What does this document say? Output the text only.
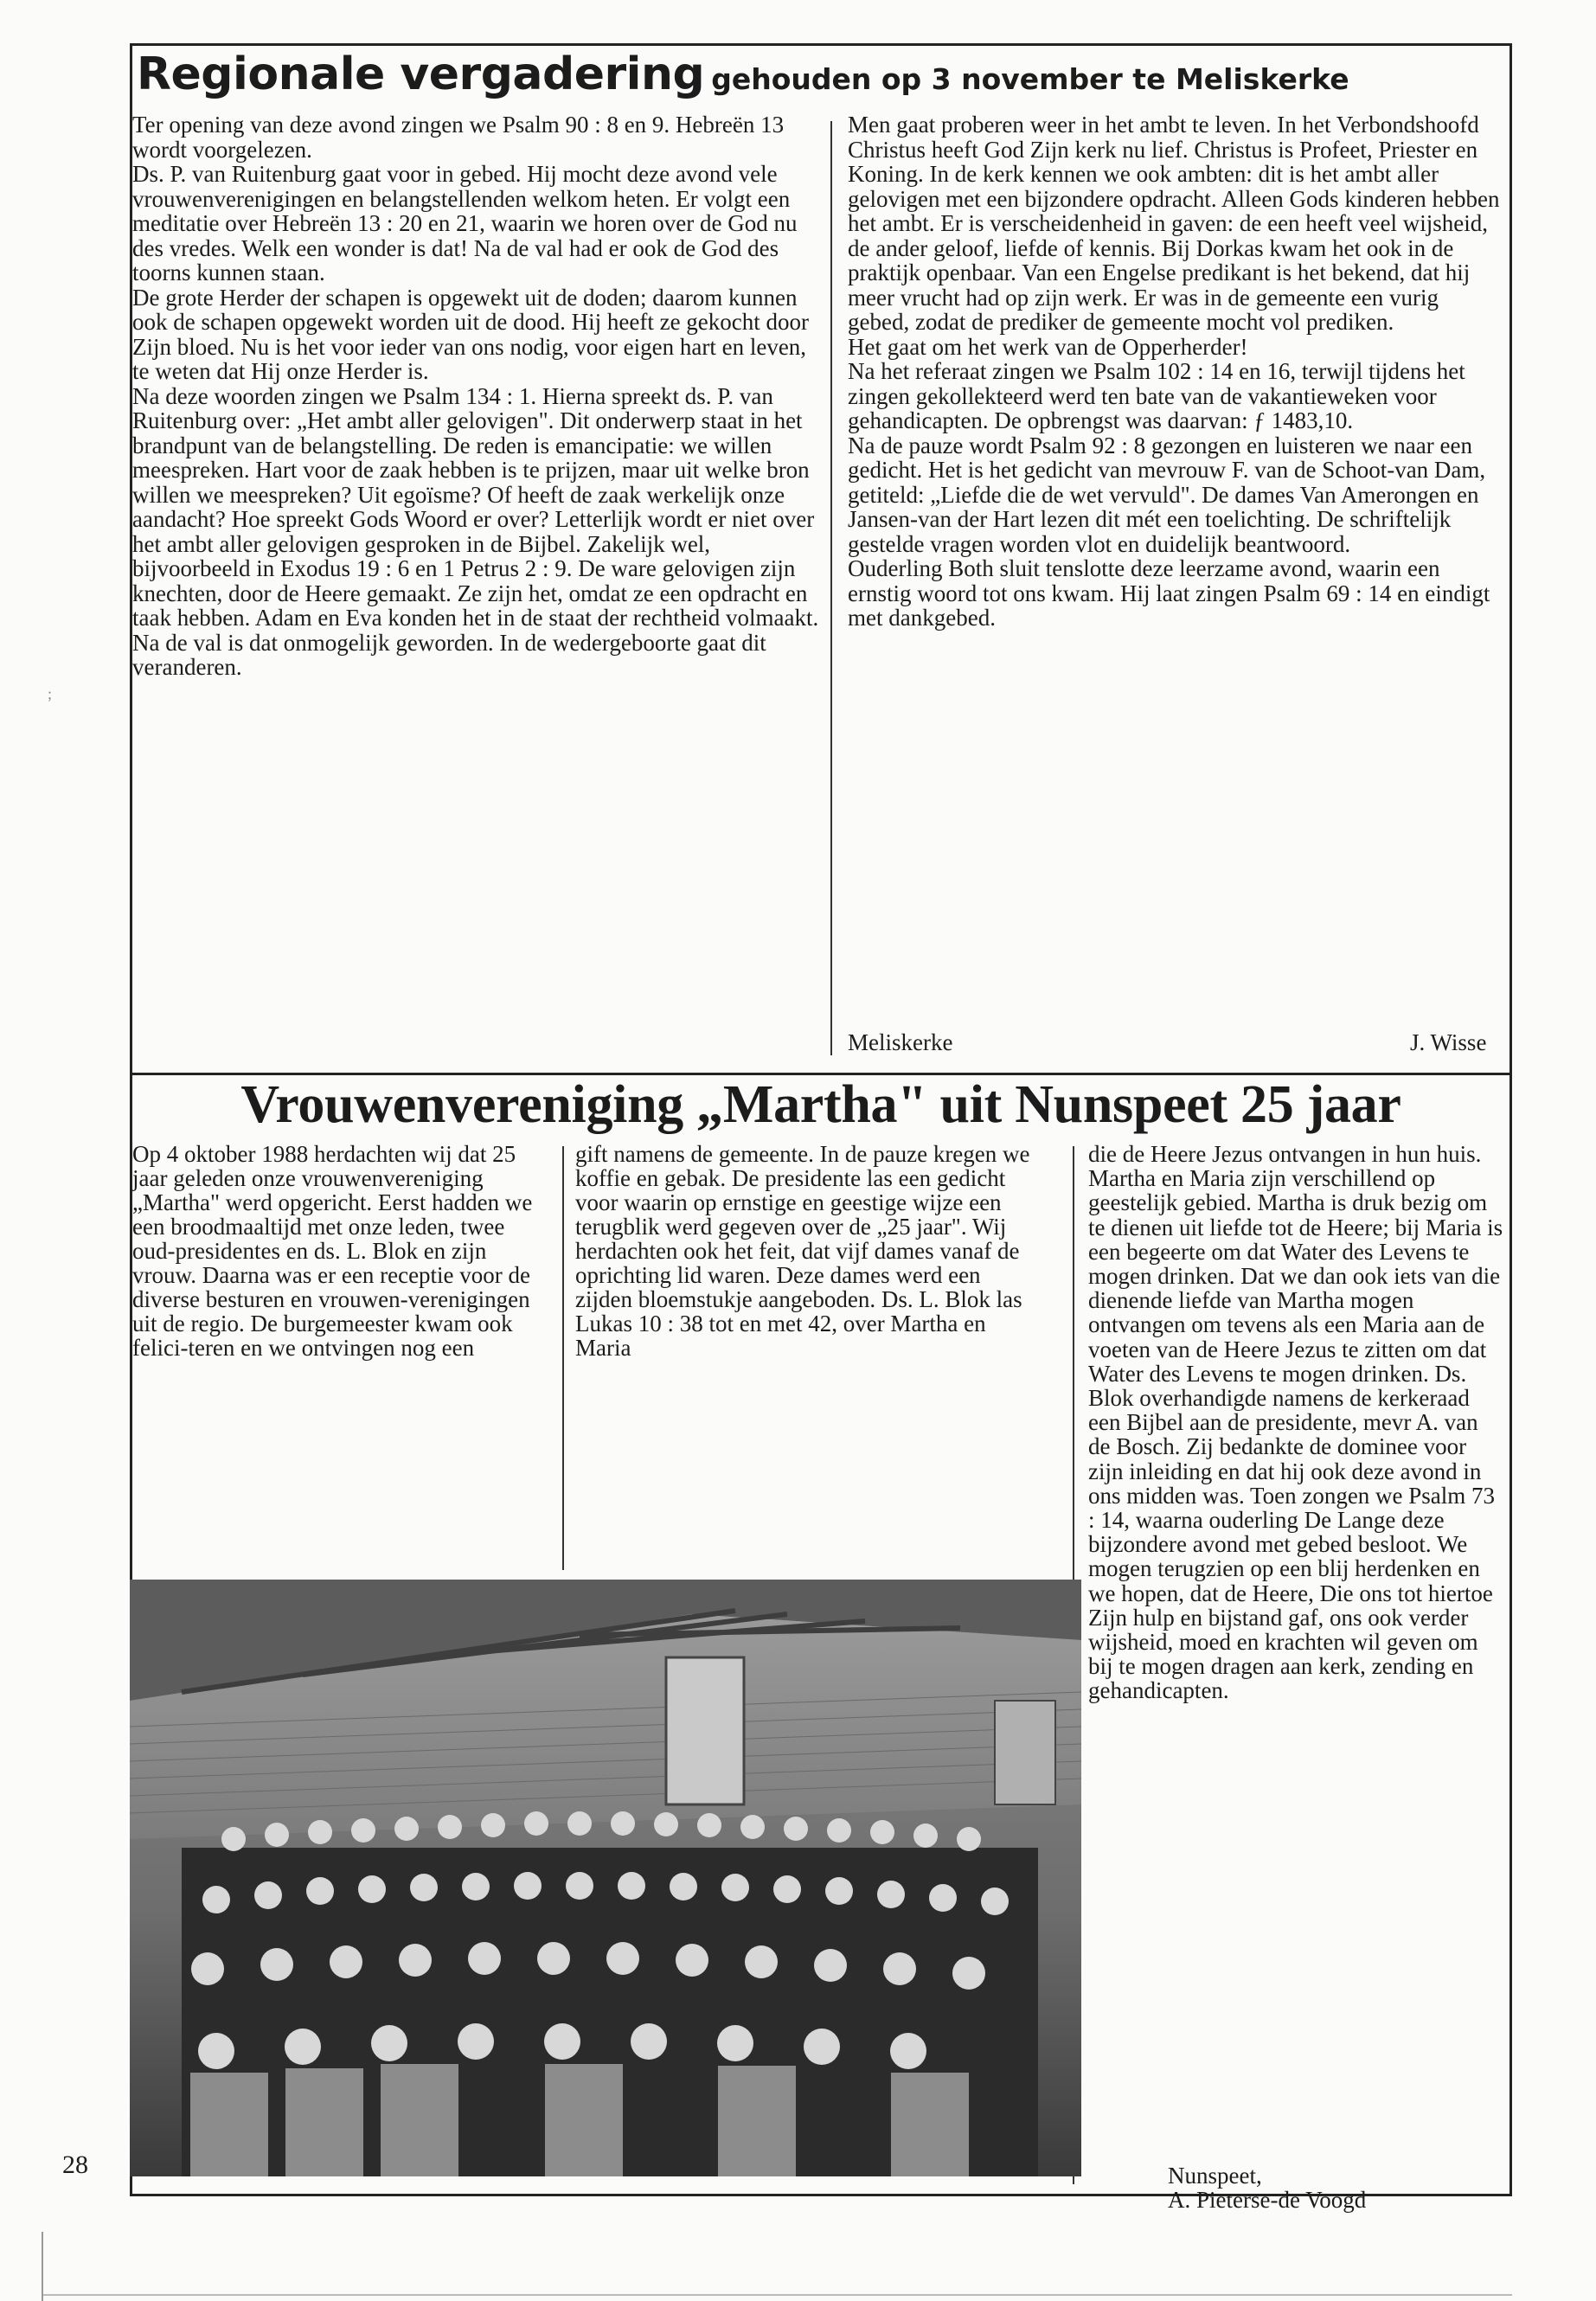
;
Regionale vergadering gehouden op 3 november te Meliskerke

Ter opening van deze avond zingen we Psalm 90 : 8 en 9. Hebreën 13 wordt voorgelezen.

Ds. P. van Ruitenburg gaat voor in gebed. Hij mocht deze avond vele vrouwenverenigingen en belangstellenden welkom heten. Er volgt een meditatie over Hebreën 13 : 20 en 21, waarin we horen over de God nu des vredes. Welk een wonder is dat! Na de val had er ook de God des toorns kunnen staan.

De grote Herder der schapen is opgewekt uit de doden; daarom kunnen ook de schapen opgewekt worden uit de dood. Hij heeft ze gekocht door Zijn bloed. Nu is het voor ieder van ons nodig, voor eigen hart en leven, te weten dat Hij onze Herder is.

Na deze woorden zingen we Psalm 134 : 1. Hierna spreekt ds. P. van Ruitenburg over: „Het ambt aller gelovigen". Dit onderwerp staat in het brandpunt van de belangstelling. De reden is emancipatie: we willen meespreken. Hart voor de zaak hebben is te prijzen, maar uit welke bron willen we meespreken? Uit egoïsme? Of heeft de zaak werkelijk onze aandacht? Hoe spreekt Gods Woord er over? Letterlijk wordt er niet over het ambt aller gelovigen gesproken in de Bijbel. Zakelijk wel, bijvoorbeeld in Exodus 19 : 6 en 1 Petrus 2 : 9. De ware gelovigen zijn knechten, door de Heere gemaakt. Ze zijn het, omdat ze een opdracht en taak hebben. Adam en Eva konden het in de staat der rechtheid volmaakt. Na de val is dat onmogelijk geworden. In de wedergeboorte gaat dit veranderen.

Men gaat proberen weer in het ambt te leven. In het Verbondshoofd Christus heeft God Zijn kerk nu lief. Christus is Profeet, Priester en Koning. In de kerk kennen we ook ambten: dit is het ambt aller gelovigen met een bijzondere opdracht. Alleen Gods kinderen hebben het ambt. Er is verscheidenheid in gaven: de een heeft veel wijsheid, de ander geloof, liefde of kennis. Bij Dorkas kwam het ook in de praktijk openbaar. Van een Engelse predikant is het bekend, dat hij meer vrucht had op zijn werk. Er was in de gemeente een vurig gebed, zodat de prediker de gemeente mocht vol prediken.

Het gaat om het werk van de Opperherder!

Na het referaat zingen we Psalm 102 : 14 en 16, terwijl tijdens het zingen gekollekteerd werd ten bate van de vakantieweken voor gehandicapten. De opbrengst was daarvan: ƒ 1483,10.

Na de pauze wordt Psalm 92 : 8 gezongen en luisteren we naar een gedicht. Het is het gedicht van mevrouw F. van de Schoot-van Dam, getiteld: „Liefde die de wet vervuld". De dames Van Amerongen en Jansen-van der Hart lezen dit mét een toelichting. De schriftelijk gestelde vragen worden vlot en duidelijk beantwoord.

Ouderling Both sluit tenslotte deze leerzame avond, waarin een ernstig woord tot ons kwam. Hij laat zingen Psalm 69 : 14 en eindigt met dankgebed.

Meliskerke	J. Wisse
Vrouwenvereniging „Martha" uit Nunspeet 25 jaar
Op 4 oktober 1988 herdachten wij dat 25 jaar geleden onze vrouwenvereniging „Martha" werd opgericht. Eerst hadden we een broodmaaltijd met onze leden, twee oud-presidentes en ds. L. Blok en zijn vrouw. Daarna was er een receptie voor de diverse besturen en vrouwen-verenigingen uit de regio. De burgemeester kwam ook felici-teren en we ontvingen nog een
gift namens de gemeente. In de pauze kregen we koffie en gebak. De presidente las een gedicht voor waarin op ernstige en geestige wijze een terugblik werd gegeven over de „25 jaar". Wij herdachten ook het feit, dat vijf dames vanaf de oprichting lid waren. Deze dames werd een zijden bloemstukje aangeboden. Ds. L. Blok las Lukas 10 : 38 tot en met 42, over Martha en Maria
die de Heere Jezus ontvangen in hun huis. Martha en Maria zijn verschillend op geestelijk gebied. Martha is druk bezig om te dienen uit liefde tot de Heere; bij Maria is een begeerte om dat Water des Levens te mogen drinken. Dat we dan ook iets van die dienende liefde van Martha mogen ontvangen om tevens als een Maria aan de voeten van de Heere Jezus te zitten om dat Water des Levens te mogen drinken. Ds. Blok overhandigde namens de kerkeraad een Bijbel aan de presidente, mevr A. van de Bosch. Zij bedankte de dominee voor zijn inleiding en dat hij ook deze avond in ons midden was. Toen zongen we Psalm 73 : 14, waarna ouderling De Lange deze bijzondere avond met gebed besloot. We mogen terugzien op een blij herdenken en we hopen, dat de Heere, Die ons tot hiertoe Zijn hulp en bijstand gaf, ons ook verder wijsheid, moed en krachten wil geven om bij te mogen dragen aan kerk, zending en gehandicapten.
Nunspeet,
A. Pieterse-de Voogd
28
